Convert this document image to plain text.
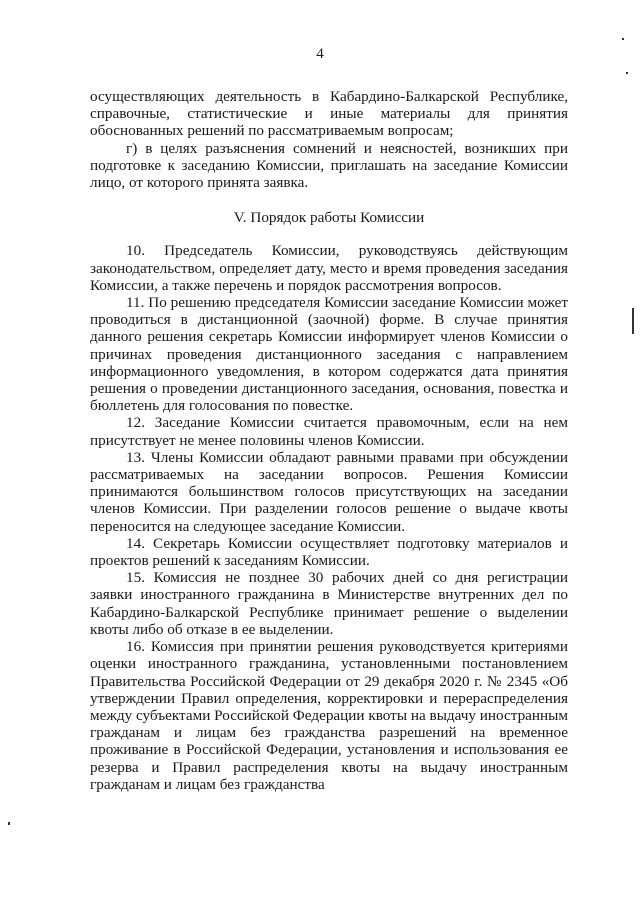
4

осуществляющих деятельность в Кабардино-Балкарской Республике, справочные, статистические и иные материалы для принятия обоснованных решений по рассматриваемым вопросам;

г) в целях разъяснения сомнений и неясностей, возникших при подготовке к заседанию Комиссии, приглашать на заседание Комиссии лицо, от которого принята заявка.

V. Порядок работы Комиссии

10. Председатель Комиссии, руководствуясь действующим законодательством, определяет дату, место и время проведения заседания Комиссии, а также перечень и порядок рассмотрения вопросов.

11. По решению председателя Комиссии заседание Комиссии может проводиться в дистанционной (заочной) форме. В случае принятия данного решения секретарь Комиссии информирует членов Комиссии о причинах проведения дистанционного заседания с направлением информационного уведомления, в котором содержатся дата принятия решения о проведении дистанционного заседания, основания, повестка и бюллетень для голосования по повестке.

12. Заседание Комиссии считается правомочным, если на нем присутствует не менее половины членов Комиссии.

13. Члены Комиссии обладают равными правами при обсуждении рассматриваемых на заседании вопросов. Решения Комиссии принимаются большинством голосов присутствующих на заседании членов Комиссии. При разделении голосов решение о выдаче квоты переносится на следующее заседание Комиссии.

14. Секретарь Комиссии осуществляет подготовку материалов и проектов решений к заседаниям Комиссии.

15. Комиссия не позднее 30 рабочих дней со дня регистрации заявки иностранного гражданина в Министерстве внутренних дел по Кабардино-Балкарской Республике принимает решение о выделении квоты либо об отказе в ее выделении.

16. Комиссия при принятии решения руководствуется критериями оценки иностранного гражданина, установленными постановлением Правительства Российской Федерации от 29 декабря 2020 г. № 2345 «Об утверждении Правил определения, корректировки и перераспределения между субъектами Российской Федерации квоты на выдачу иностранным гражданам и лицам без гражданства разрешений на временное проживание в Российской Федерации, установления и использования ее резерва и Правил распределения квоты на выдачу иностранным гражданам и лицам без гражданства
